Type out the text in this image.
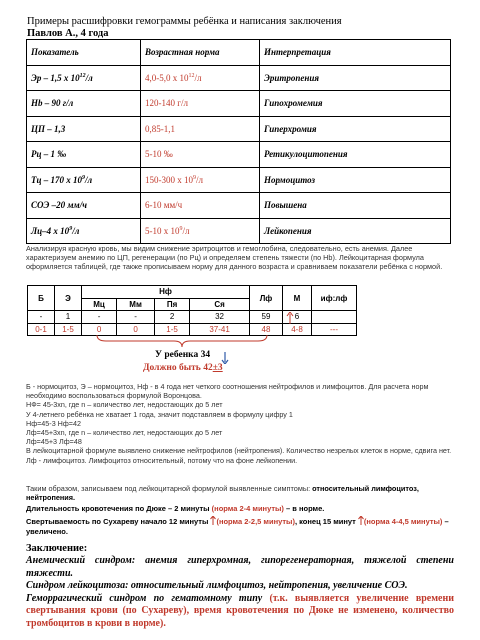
Примеры расшифровки гемограммы ребёнка и написания заключения
Павлов А., 4 года
Показатель	Возрастная норма	Интерпретация
Эр – 1,5 х $10^{12}/л$	4,0-5,0 х $10^{12}/л$	Эритропения
Hb – 90 г/л	120-140 г/л	Гипохромемия
ЦП – 1,3	0,85-1,1	Гиперхромия
Рц – 1 ‰	5-10 ‰	Ретикулоцитопения
Тц – 170 х $10^9/л$	150-300 х $10^9/л$	Нормоцитоз
СОЭ –20 мм/ч	6-10 мм/ч	Повышена
Лц–4 х $10^9/л$	5-10 х $10^9/л$	Лейкопения
Анализируя красную кровь, мы видим снижение эритроцитов и гемоглобина, следовательно, есть анемия. Далее характеризуем анемию по ЦП, регенерации (по Рц) и определяем степень тяжести (по Hb). Лейкоцитарная формула оформляется таблицей, где также прописываем норму для данного возраста и сравниваем показатели ребёнка с нормой.
Б	Э	Нф				Лф	М	иф:лф
		Мц	Мм	Пя	Ся			
-	1	-	-	2	32	59	6	
0-1	1-5	0	0	1-5	37-41	48	4-8	---
У ребенка 34
Должно быть 42±3
Б - нормоцитоз, Э – нормоцитоз, Нф - в 4 года нет четкого соотношения нейтрофилов и лимфоцитов. Для расчета норм необходимо воспользоваться формулой Воронцова.
НФ= 45-3хn, где n – количество лет, недостающих до 5 лет
У 4-летнего ребёнка не хватает 1 года, значит подставляем в формулу цифру 1
Нф=45-3 Нф=42
Лф=45+3хn, где n – количество лет, недостающих до 5 лет
Лф=45+3 Лф=48
В лейкоцитарной формуле выявлено снижение нейтрофилов (нейтропения). Количество незрелых клеток в норме, сдвига нет. Лф - лимфоцитоз. Лимфоцитоз относительный, потому что на фоне лейкопении.
Таким образом, записываем под лейкоцитарной формулой выявленные симптомы: относительный лимфоцитоз, нейтропения.
Длительность кровотечения по Дюке – 2 минуты (норма 2-4 минуты) – в норме.
Свертываемость по Сухареву начало 12 минуты (норма 2-2,5 минуты), конец 15 минут (норма 4-4,5 минуты) – увеличено.
Заключение:
Анемический синдром: анемия гиперхромная, гипорегенераторная, тяжелой степени тяжести.
Синдром лейкоцитоза: относительный лимфоцитоз, нейтропения, увеличение СОЭ.
Геморрагический синдром по гематомному типу (т.к. выявляется увеличение времени свертывания крови (по Сухареву), время кровотечения по Дюке не изменено, количество тромбоцитов в крови в норме).
